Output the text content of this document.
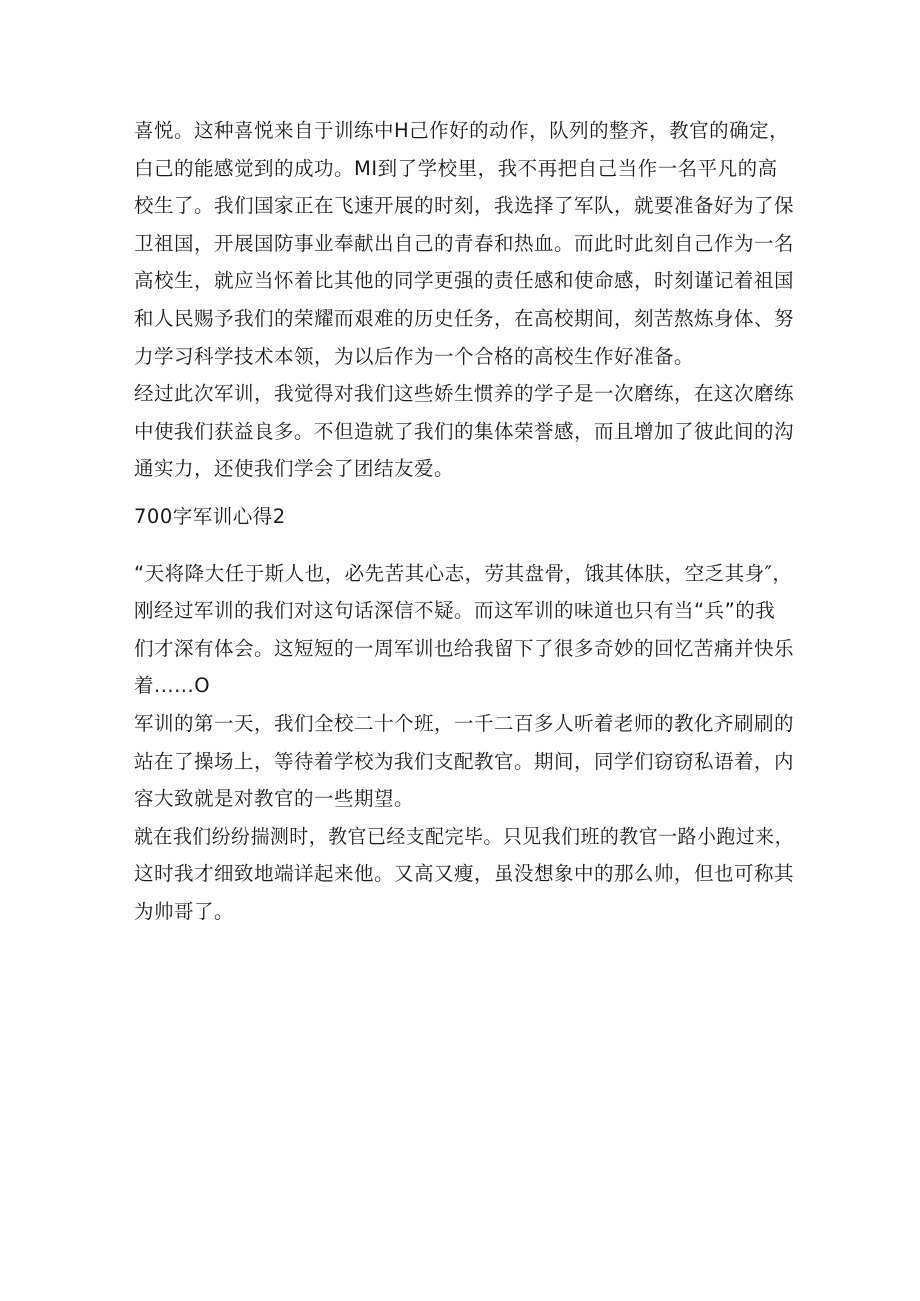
喜悦。这种喜悦来自于训练中H己作好的动作，队列的整齐，教官的确定，
白己的能感觉到的成功。MI到了学校里，我不再把自己当作一名平凡的高
校生了。我们国家正在飞速开展的时刻，我选择了军队，就要准备好为了保
卫祖国，开展国防事业奉献出自己的青春和热血。而此时此刻自己作为一名
高校生，就应当怀着比其他的同学更强的责任感和使命感，时刻谨记着祖国
和人民赐予我们的荣耀而艰难的历史任务，在高校期间，刻苦熬炼身体、努
力学习科学技术本领，为以后作为一个合格的高校生作好准备。

经过此次军训，我觉得对我们这些娇生惯养的学子是一次磨练，在这次磨练
中使我们获益良多。不但造就了我们的集体荣誉感，而且增加了彼此间的沟
通实力，还使我们学会了团结友爱。

700字军训心得2

“天将降大任于斯人也，必先苦其心志，劳其盘骨，饿其体肤，空乏其身″，
刚经过军训的我们对这句话深信不疑。而这军训的味道也只有当“兵”的我
们才深有体会。这短短的一周军训也给我留下了很多奇妙的回忆苦痛并快乐
着......O

军训的第一天，我们全校二十个班，一千二百多人听着老师的教化齐刷刷的
站在了操场上，等待着学校为我们支配教官。期间，同学们窃窃私语着，内
容大致就是对教官的一些期望。

就在我们纷纷揣测时，教官已经支配完毕。只见我们班的教官一路小跑过来，
这时我才细致地端详起来他。又高又瘦，虽没想象中的那么帅，但也可称其
为帅哥了。
